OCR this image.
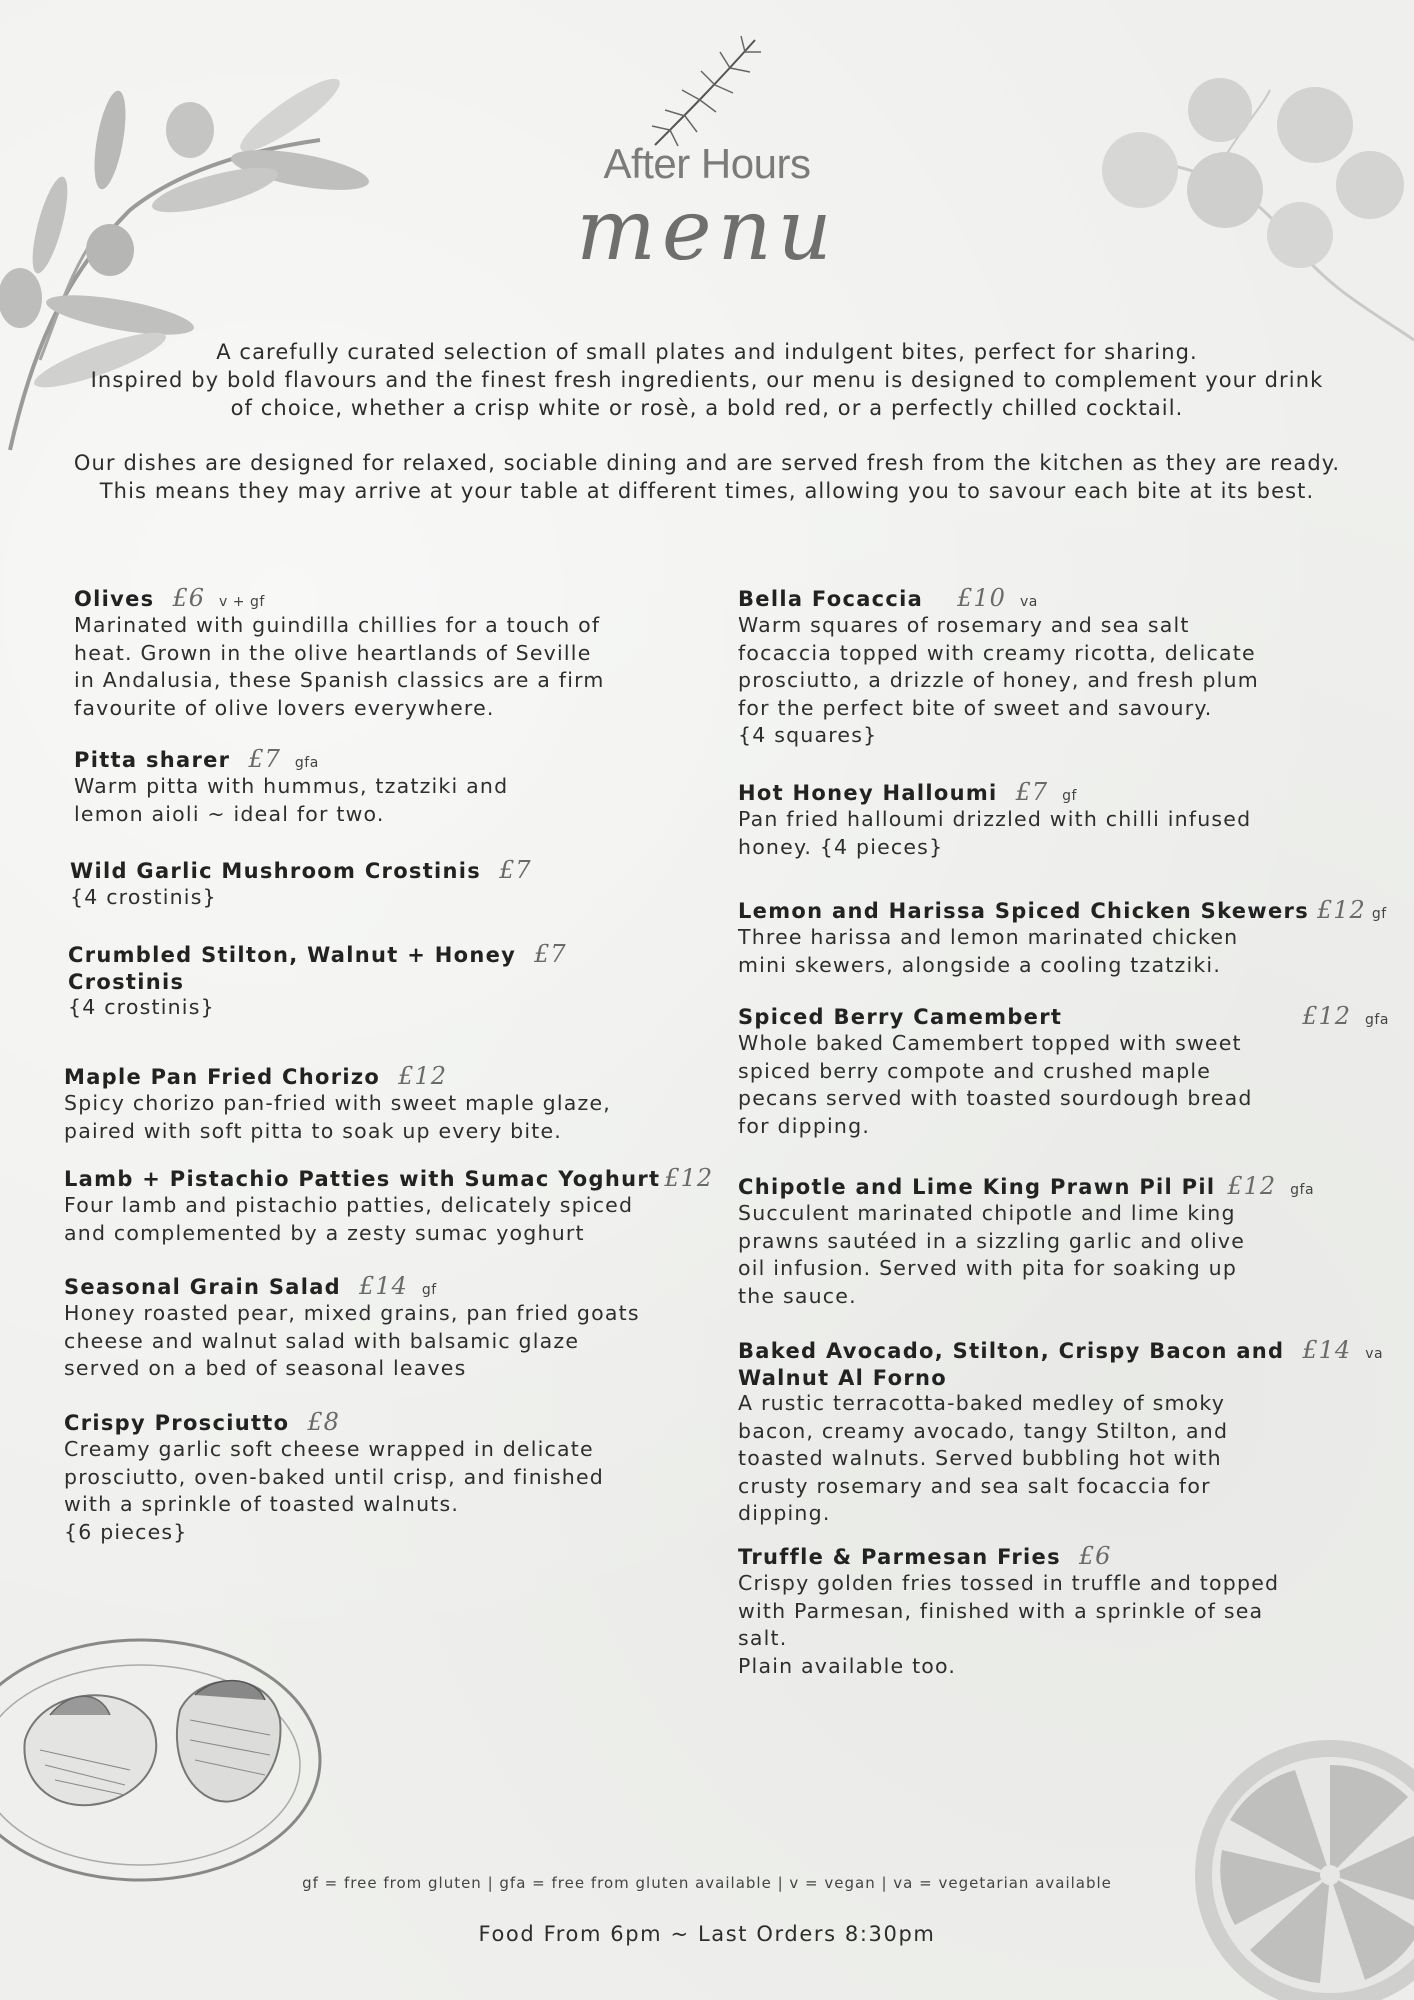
After Hours
menu
A carefully curated selection of small plates and indulgent bites, perfect for sharing.
Inspired by bold flavours and the finest fresh ingredients, our menu is designed to complement your drink
of choice, whether a crisp white or rosè, a bold red, or a perfectly chilled cocktail.
Our dishes are designed for relaxed, sociable dining and are served fresh from the kitchen as they are ready.
This means they may arrive at your table at different times, allowing you to savour each bite at its best.
Olives £6 v + gf
Marinated with guindilla chillies for a touch of
heat. Grown in the olive heartlands of Seville
in Andalusia, these Spanish classics are a firm
favourite of olive lovers everywhere.
Pitta sharer £7 gfa
Warm pitta with hummus, tzatziki and
lemon aioli ~ ideal for two.
Wild Garlic Mushroom Crostinis £7
{4 crostinis}
Crumbled Stilton, Walnut + Honey £7
Crostinis
{4 crostinis}
Maple Pan Fried Chorizo £12
Spicy chorizo pan-fried with sweet maple glaze,
paired with soft pitta to soak up every bite.
Lamb + Pistachio Patties with Sumac Yoghurt £12
Four lamb and pistachio patties, delicately spiced
and complemented by a zesty sumac yoghurt
Seasonal Grain Salad £14 gf
Honey roasted pear, mixed grains, pan fried goats
cheese and walnut salad with balsamic glaze
served on a bed of seasonal leaves
Crispy Prosciutto £8
Creamy garlic soft cheese wrapped in delicate
prosciutto, oven-baked until crisp, and finished
with a sprinkle of toasted walnuts.
{6 pieces}
Bella Focaccia £10 va
Warm squares of rosemary and sea salt
focaccia topped with creamy ricotta, delicate
prosciutto, a drizzle of honey, and fresh plum
for the perfect bite of sweet and savoury.
{4 squares}
Hot Honey Halloumi £7 gf
Pan fried halloumi drizzled with chilli infused
honey. {4 pieces}
Lemon and Harissa Spiced Chicken Skewers £12 gf
Three harissa and lemon marinated chicken
mini skewers, alongside a cooling tzatziki.
Spiced Berry Camembert	£12 gfa
Whole baked Camembert topped with sweet
spiced berry compote and crushed maple
pecans served with toasted sourdough bread
for dipping.
Chipotle and Lime King Prawn Pil Pil £12 gfa
Succulent marinated chipotle and lime king
prawns sautéed in a sizzling garlic and olive
oil infusion. Served with pita for soaking up
the sauce.
Baked Avocado, Stilton, Crispy Bacon and £14 va
Walnut Al Forno
A rustic terracotta-baked medley of smoky
bacon, creamy avocado, tangy Stilton, and
toasted walnuts. Served bubbling hot with
crusty rosemary and sea salt focaccia for
dipping.
Truffle & Parmesan Fries £6
Crispy golden fries tossed in truffle and topped
with Parmesan, finished with a sprinkle of sea
salt.
Plain available too.
gf = free from gluten | gfa = free from gluten available | v = vegan | va = vegetarian available
Food From 6pm ~ Last Orders 8:30pm
